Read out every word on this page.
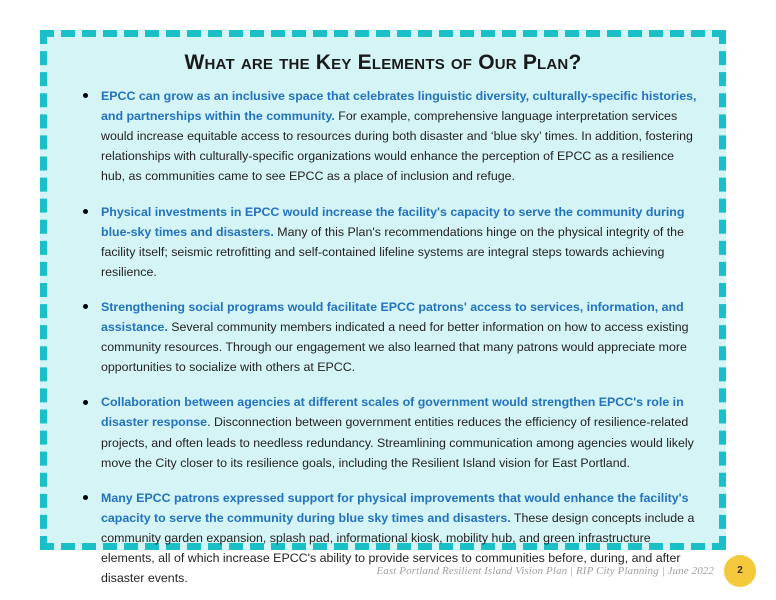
What are the Key Elements of Our Plan?
EPCC can grow as an inclusive space that celebrates linguistic diversity, culturally-specific histories, and partnerships within the community. For example, comprehensive language interpretation services would increase equitable access to resources during both disaster and ‘blue sky’ times. In addition, fostering relationships with culturally-specific organizations would enhance the perception of EPCC as a resilience hub, as communities came to see EPCC as a place of inclusion and refuge.
Physical investments in EPCC would increase the facility's capacity to serve the community during blue-sky times and disasters. Many of this Plan's recommendations hinge on the physical integrity of the facility itself; seismic retrofitting and self-contained lifeline systems are integral steps towards achieving resilience.
Strengthening social programs would facilitate EPCC patrons' access to services, information, and assistance. Several community members indicated a need for better information on how to access existing community resources. Through our engagement we also learned that many patrons would appreciate more opportunities to socialize with others at EPCC.
Collaboration between agencies at different scales of government would strengthen EPCC's role in disaster response. Disconnection between government entities reduces the efficiency of resilience-related projects, and often leads to needless redundancy. Streamlining communication among agencies would likely move the City closer to its resilience goals, including the Resilient Island vision for East Portland.
Many EPCC patrons expressed support for physical improvements that would enhance the facility's capacity to serve the community during blue sky times and disasters. These design concepts include a community garden expansion, splash pad, informational kiosk, mobility hub, and green infrastructure elements, all of which increase EPCC's ability to provide services to communities before, during, and after disaster events.
East Portland Resilient Island Vision Plan | RIP City Planning | June 2022 2
